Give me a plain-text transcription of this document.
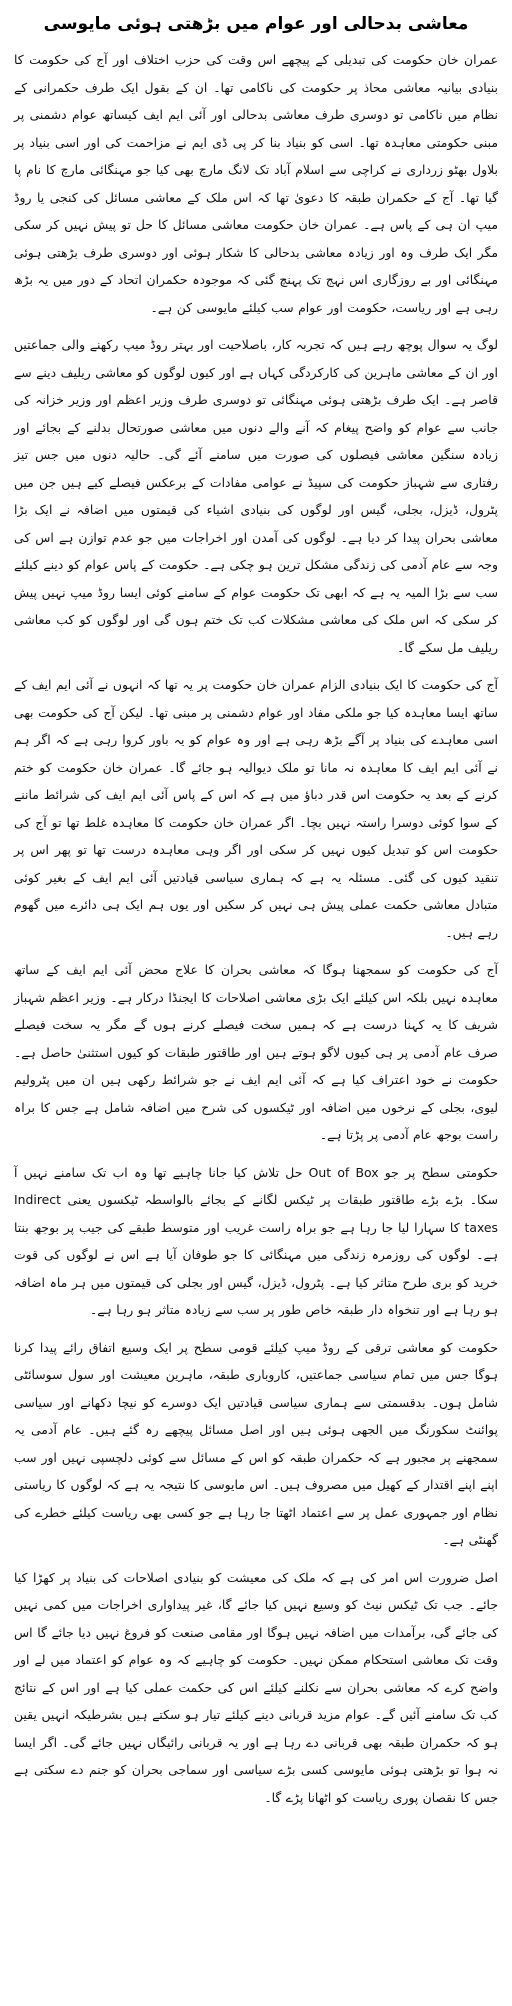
معاشی بدحالی اور عوام میں بڑھتی ہوئی مایوسی

عمران خان حکومت کی تبدیلی کے پیچھے اس وقت کی حزب اختلاف اور آج کی حکومت کا بنیادی بیانیہ معاشی محاذ پر حکومت کی ناکامی تھا۔ ان کے بقول ایک طرف حکمرانی کے نظام میں ناکامی تو دوسری طرف معاشی بدحالی اور آئی ایم ایف کیساتھ عوام دشمنی پر مبنی حکومتی معاہدہ تھا۔ اسی کو بنیاد بنا کر پی ڈی ایم نے مزاحمت کی اور اسی بنیاد پر بلاول بھٹو زرداری نے کراچی سے اسلام آباد تک لانگ مارچ بھی کیا جو مہنگائی مارچ کا نام پا گیا تھا۔ آج کے حکمران طبقہ کا دعویٰ تھا کہ اس ملک کے معاشی مسائل کی کنجی یا روڈ میپ ان ہی کے پاس ہے۔ عمران خان حکومت معاشی مسائل کا حل تو پیش نہیں کر سکی مگر ایک طرف وہ اور زیادہ معاشی بدحالی کا شکار ہوئی اور دوسری طرف بڑھتی ہوئی مہنگائی اور بے روزگاری اس نہج تک پہنچ گئی کہ موجودہ حکمران اتحاد کے دور میں یہ بڑھ رہی ہے اور ریاست، حکومت اور عوام سب کیلئے مایوسی کن ہے۔

لوگ یہ سوال پوچھ رہے ہیں کہ تجربہ کار، باصلاحیت اور بہتر روڈ میپ رکھنے والی جماعتیں اور ان کے معاشی ماہرین کی کارکردگی کہاں ہے اور کیوں لوگوں کو معاشی ریلیف دینے سے قاصر ہے۔ ایک طرف بڑھتی ہوئی مہنگائی تو دوسری طرف وزیر اعظم اور وزیر خزانہ کی جانب سے عوام کو واضح پیغام کہ آنے والے دنوں میں معاشی صورتحال بدلنے کے بجائے اور زیادہ سنگین معاشی فیصلوں کی صورت میں سامنے آئے گی۔ حالیہ دنوں میں جس تیز رفتاری سے شہباز حکومت کی سپیڈ نے عوامی مفادات کے برعکس فیصلے کیے ہیں جن میں پٹرول، ڈیزل، بجلی، گیس اور لوگوں کی بنیادی اشیاء کی قیمتوں میں اضافہ نے ایک بڑا معاشی بحران پیدا کر دیا ہے۔ لوگوں کی آمدن اور اخراجات میں جو عدم توازن ہے اس کی وجہ سے عام آدمی کی زندگی مشکل ترین ہو چکی ہے۔ حکومت کے پاس عوام کو دینے کیلئے سب سے بڑا المیہ یہ ہے کہ ابھی تک حکومت عوام کے سامنے کوئی ایسا روڈ میپ نہیں پیش کر سکی کہ اس ملک کی معاشی مشکلات کب تک ختم ہوں گی اور لوگوں کو کب معاشی ریلیف مل سکے گا۔

آج کی حکومت کا ایک بنیادی الزام عمران خان حکومت پر یہ تھا کہ انہوں نے آئی ایم ایف کے ساتھ ایسا معاہدہ کیا جو ملکی مفاد اور عوام دشمنی پر مبنی تھا۔ لیکن آج کی حکومت بھی اسی معاہدے کی بنیاد پر آگے بڑھ رہی ہے اور وہ عوام کو یہ باور کروا رہی ہے کہ اگر ہم نے آئی ایم ایف کا معاہدہ نہ مانا تو ملک دیوالیہ ہو جائے گا۔ عمران خان حکومت کو ختم کرنے کے بعد یہ حکومت اس قدر دباؤ میں ہے کہ اس کے پاس آئی ایم ایف کی شرائط ماننے کے سوا کوئی دوسرا راستہ نہیں بچا۔ اگر عمران خان حکومت کا معاہدہ غلط تھا تو آج کی حکومت اس کو تبدیل کیوں نہیں کر سکی اور اگر وہی معاہدہ درست تھا تو پھر اس پر تنقید کیوں کی گئی۔ مسئلہ یہ ہے کہ ہماری سیاسی قیادتیں آئی ایم ایف کے بغیر کوئی متبادل معاشی حکمت عملی پیش ہی نہیں کر سکیں اور یوں ہم ایک ہی دائرے میں گھوم رہے ہیں۔

آج کی حکومت کو سمجھنا ہوگا کہ معاشی بحران کا علاج محض آئی ایم ایف کے ساتھ معاہدہ نہیں بلکہ اس کیلئے ایک بڑی معاشی اصلاحات کا ایجنڈا درکار ہے۔ وزیر اعظم شہباز شریف کا یہ کہنا درست ہے کہ ہمیں سخت فیصلے کرنے ہوں گے مگر یہ سخت فیصلے صرف عام آدمی پر ہی کیوں لاگو ہوتے ہیں اور طاقتور طبقات کو کیوں استثنیٰ حاصل ہے۔ حکومت نے خود اعتراف کیا ہے کہ آئی ایم ایف نے جو شرائط رکھی ہیں ان میں پٹرولیم لیوی، بجلی کے نرخوں میں اضافہ اور ٹیکسوں کی شرح میں اضافہ شامل ہے جس کا براہ راست بوجھ عام آدمی پر پڑتا ہے۔

حکومتی سطح پر جو Out of Box حل تلاش کیا جانا چاہیے تھا وہ اب تک سامنے نہیں آ سکا۔ بڑے بڑے طاقتور طبقات پر ٹیکس لگانے کے بجائے بالواسطہ ٹیکسوں یعنی Indirect taxes کا سہارا لیا جا رہا ہے جو براہ راست غریب اور متوسط طبقے کی جیب پر بوجھ بنتا ہے۔ لوگوں کی روزمرہ زندگی میں مہنگائی کا جو طوفان آیا ہے اس نے لوگوں کی قوت خرید کو بری طرح متاثر کیا ہے۔ پٹرول، ڈیزل، گیس اور بجلی کی قیمتوں میں ہر ماہ اضافہ ہو رہا ہے اور تنخواہ دار طبقہ خاص طور پر سب سے زیادہ متاثر ہو رہا ہے۔

حکومت کو معاشی ترقی کے روڈ میپ کیلئے قومی سطح پر ایک وسیع اتفاق رائے پیدا کرنا ہوگا جس میں تمام سیاسی جماعتیں، کاروباری طبقہ، ماہرین معیشت اور سول سوسائٹی شامل ہوں۔ بدقسمتی سے ہماری سیاسی قیادتیں ایک دوسرے کو نیچا دکھانے اور سیاسی پوائنٹ سکورنگ میں الجھی ہوئی ہیں اور اصل مسائل پیچھے رہ گئے ہیں۔ عام آدمی یہ سمجھنے پر مجبور ہے کہ حکمران طبقہ کو اس کے مسائل سے کوئی دلچسپی نہیں اور سب اپنے اپنے اقتدار کے کھیل میں مصروف ہیں۔ اس مایوسی کا نتیجہ یہ ہے کہ لوگوں کا ریاستی نظام اور جمہوری عمل پر سے اعتماد اٹھتا جا رہا ہے جو کسی بھی ریاست کیلئے خطرے کی گھنٹی ہے۔

اصل ضرورت اس امر کی ہے کہ ملک کی معیشت کو بنیادی اصلاحات کی بنیاد پر کھڑا کیا جائے۔ جب تک ٹیکس نیٹ کو وسیع نہیں کیا جائے گا، غیر پیداواری اخراجات میں کمی نہیں کی جائے گی، برآمدات میں اضافہ نہیں ہوگا اور مقامی صنعت کو فروغ نہیں دیا جائے گا اس وقت تک معاشی استحکام ممکن نہیں۔ حکومت کو چاہیے کہ وہ عوام کو اعتماد میں لے اور واضح کرے کہ معاشی بحران سے نکلنے کیلئے اس کی حکمت عملی کیا ہے اور اس کے نتائج کب تک سامنے آئیں گے۔ عوام مزید قربانی دینے کیلئے تیار ہو سکتے ہیں بشرطیکہ انہیں یقین ہو کہ حکمران طبقہ بھی قربانی دے رہا ہے اور یہ قربانی رائیگاں نہیں جائے گی۔ اگر ایسا نہ ہوا تو بڑھتی ہوئی مایوسی کسی بڑے سیاسی اور سماجی بحران کو جنم دے سکتی ہے جس کا نقصان پوری ریاست کو اٹھانا پڑے گا۔
